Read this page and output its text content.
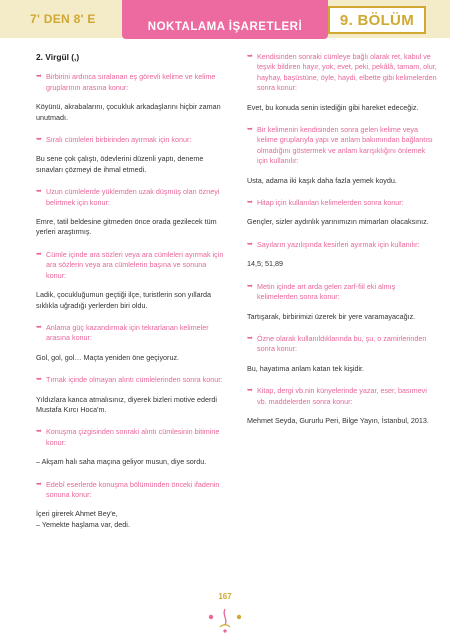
7' DEN 8' E
NOKTALAMA İŞARETLERİ	9. BÖLÜM
2. Virgül (,)
➥ Birbirini ardınca sıralanan eş görevli kelime ve kelime gruplarının arasına konur:
Köyünü, akrabalarını, çocukluk arkadaşlarını hiçbir zaman unutmadı.
➥ Sıralı cümleleri birbirinden ayırmak için konur:
Bu sene çok çalıştı, ödevlerini düzenli yaptı, deneme sınavları çözmeyi de ihmal etmedi.
➥ Uzun cümlelerde yüklemden uzak düşmüş olan özneyi belirtmek için konur:
Emre, tatil beldesine gitmeden önce orada gezilecek tüm yerleri araştırmış.
➥ Cümle içinde ara sözleri veya ara cümleleri ayırmak için ara sözlerin veya ara cümlelerin başına ve sonuna konur:
Ladik, çocukluğumun geçtiği ilçe, turistlerin son yıllarda sıklıkla uğradığı yerlerden biri oldu.
➥ Anlama güç kazandırmak için tekrarlanan kelimeler arasına konur:
Gol, gol, gol… Maçta yeniden öne geçiyoruz.
➥ Tırnak içinde olmayan alıntı cümlelerinden sonra konur:
Yıldızlara kanca atmalısınız, diyerek bizleri motive ederdi Mustafa Kırcı Hoca'm.
➥ Konuşma çizgisinden sonraki alıntı cümlesinin bitimine konur:
– Akşam halı saha maçına geliyor musun, diye sordu.
➥ Edebî eserlerde konuşma bölümünden önceki ifadenin sonuna konur:
İçeri girerek Ahmet Bey'e,
– Yemekte haşlama var, dedi.
➥ Kendisinden sonraki cümleye bağlı olarak ret, kabul ve teşvik bildiren hayır, yok, evet, peki, pekâlâ, tamam, olur, hayhay, başüstüne, öyle, haydi, elbette gibi kelimelerden sonra konur:
Evet, bu konuda senin istediğin gibi hareket edeceğiz.
➥ Bir kelimenin kendisinden sonra gelen kelime veya kelime gruplarıyla yapı ve anlam bakımından bağlantısı olmadığını göstermek ve anlam karışıklığını önlemek için kullanılır:
Usta, adama iki kaşık daha fazla yemek koydu.
➥ Hitap için kullanılan kelimelerden sonra konur:
Gençler, sizler aydınlık yarınımızın mimarları olacaksınız.
➥ Sayıların yazılışında kesirleri ayırmak için kullanılır:
14,5; 51,89
➥ Metin içinde art arda gelen zarf-fiil eki almış kelimelerden sonra konur:
Tartışarak, birbirimizi üzerek bir yere varamayacağız.
➥ Özne olarak kullanıldıklarında bu, şu, o zamirlerinden sonra konur:
Bu, hayatıma anlam katan tek kişidir.
➥ Kitap, dergi vb.nin künyelerinde yazar, eser, basımevi vb. maddelerden sonra konur:
Mehmet Seyda, Gururlu Peri, Bilge Yayın, İstanbul, 2013.
167
